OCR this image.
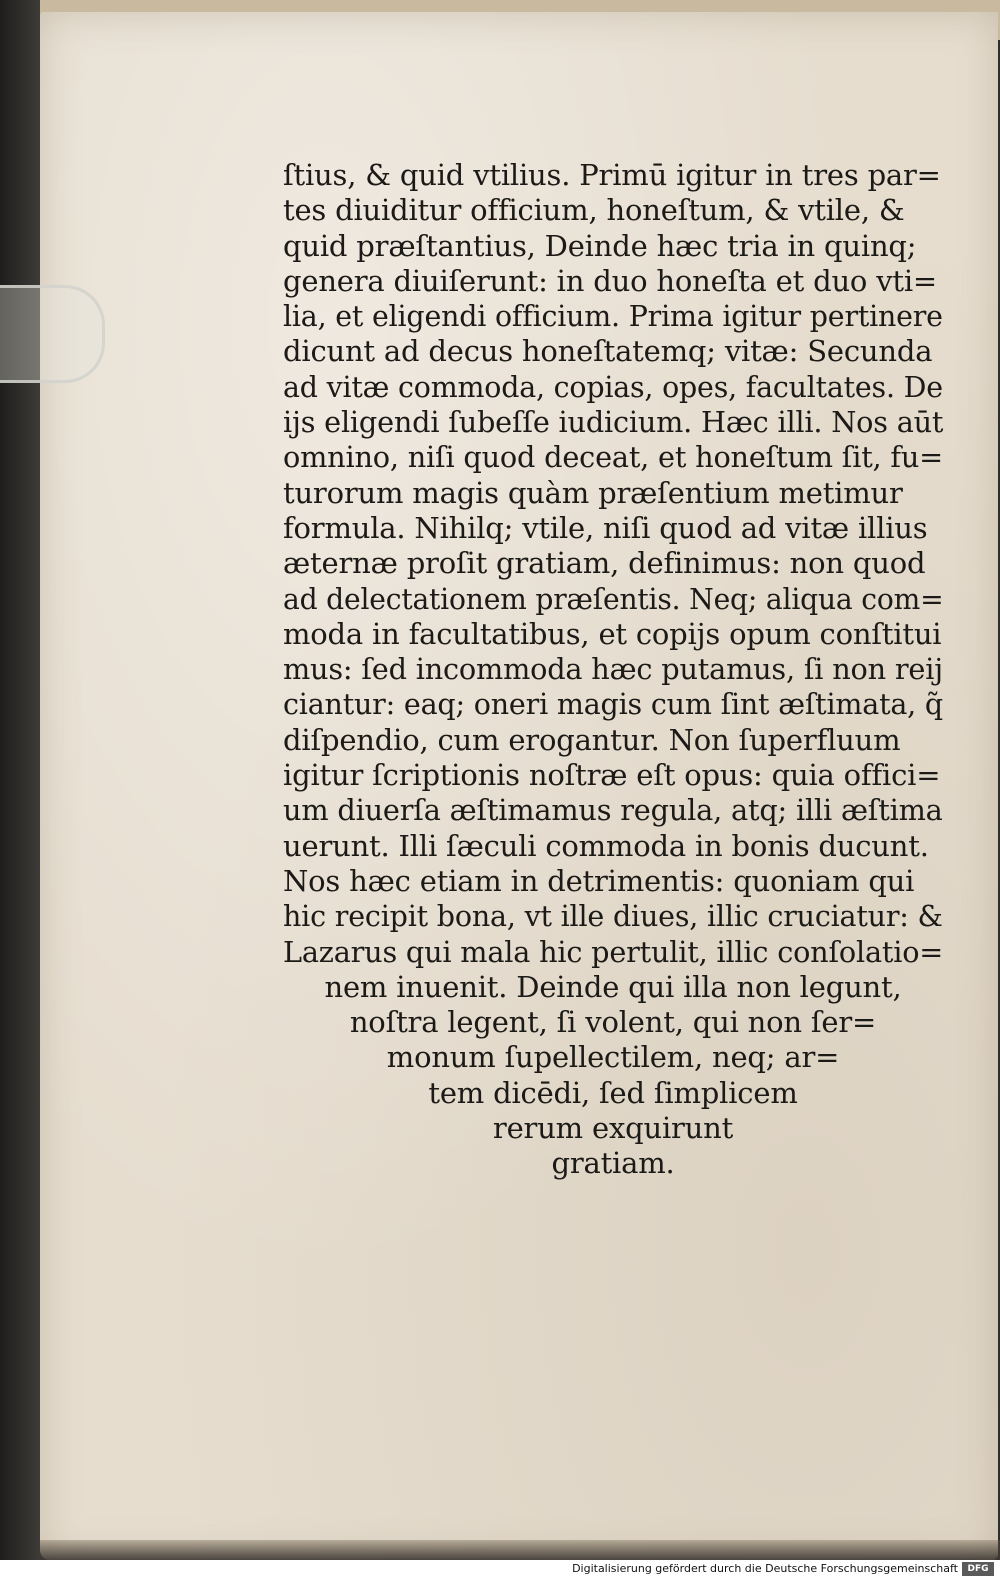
ſtius, & quid vtilius. Primū igitur in tres par=
tes diuiditur officium, honeſtum, & vtile, &
quid præſtantius, Deinde hæc tria in quinq;
genera diuiſerunt: in duo honeſta et duo vti=
lia, et eligendi officium. Prima igitur pertinere
dicunt ad decus honeſtatemq; vitæ: Secunda
ad vitæ commoda, copias, opes, facultates. De
ijs eligendi ſubeſſe iudicium. Hæc illi. Nos aūt
omnino, niſi quod deceat, et honeſtum ſit, fu=
turorum magis quàm præſentium metimur
formula. Nihilq; vtile, niſi quod ad vitæ illius
æternæ proſit gratiam, definimus: non quod
ad delectationem præſentis. Neq; aliqua com=
moda in facultatibus, et copijs opum conſtitui
mus: ſed incommoda hæc putamus, ſi non reij
ciantur: eaq; oneri magis cum ſint æſtimata, q̃
diſpendio, cum erogantur. Non ſuperfluum
igitur ſcriptionis noſtræ eſt opus: quia offici=
um diuerſa æſtimamus regula, atq; illi æſtima
uerunt. Illi ſæculi commoda in bonis ducunt.
Nos hæc etiam in detrimentis: quoniam qui
hic recipit bona, vt ille diues, illic cruciatur: &
Lazarus qui mala hic pertulit, illic conſolatio=
nem inuenit. Deinde qui illa non legunt,
noſtra legent, ſi volent, qui non ſer=
monum ſupellectilem, neq; ar=
tem dicēdi, ſed ſimplicem
rerum exquirunt
gratiam.
Digitalisierung gefördert durch die Deutsche Forschungsgemeinschaft	DFG
